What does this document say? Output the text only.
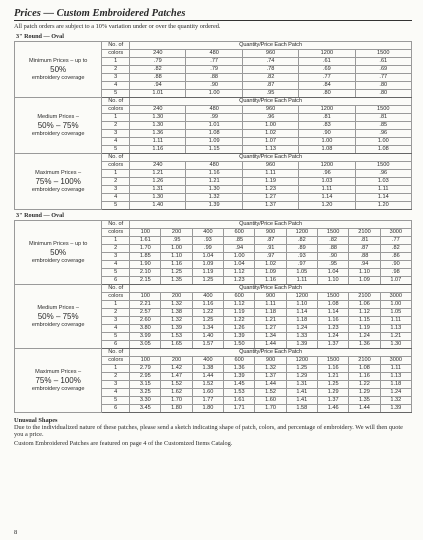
Prices — Custom Embroidered Patches
All patch orders are subject to a 10% variation under or over the quantity ordered.
3" Round — Oval
Minimum Prices – up to
50%
embroidery coverage	No. of	Quantity/Price Each Patch				
	colors	240	480	960	1200	1500
	1	.79	.77	.74	.61	.61
	2	.82	.79	.78	.69	.69
	3	.88	.88	.82	.77	.77
	4	.94	.90	.87	.84	.80
	5	1.01	1.00	.95	.80	.80

Medium Prices –
50% – 75%
embroidery coverage	No. of	Quantity/Price Each Patch				
	colors	240	480	960	1200	1500
	1	1.30	.99	.96	.81	.81
	2	1.30	1.01	1.00	.83	.85
	3	1.36	1.08	1.02	.90	.96
	4	1.11	1.09	1.07	1.00	1.00
	5	1.16	1.15	1.13	1.08	1.08

Maximum Prices –
75% – 100%
embroidery coverage	No. of	Quantity/Price Each Patch				
	colors	240	480	960	1200	1500
	1	1.21	1.16	1.11	.96	.96
	2	1.26	1.21	1.19	1.03	1.03
	3	1.31	1.30	1.23	1.11	1.11
	4	1.30	1.32	1.27	1.14	1.14
	5	1.40	1.39	1.37	1.20	1.20
3" Round — Oval
Minimum Prices – up to
50%
embroidery coverage	No. of	Quantity/Price Each Patch								
	colors	100	200	400	600	900	1200	1500	2100	3000
	1	1.61	.95	.93	.85	.87	.82	.82	.81	.77
	2	1.70	1.00	.99	.94	.91	.89	.88	.87	.82
	3	1.85	1.10	1.04	1.00	.97	.93	.90	.88	.86
	4	1.90	1.16	1.09	1.04	1.02	.97	.95	.94	.90
	5	2.10	1.25	1.19	1.12	1.09	1.05	1.04	1.10	.98
	6	2.15	1.35	1.25	1.23	1.16	1.11	1.10	1.09	1.07

Medium Prices –
50% – 75%
embroidery coverage	No. of	Quantity/Price Each Patch								
	colors	100	200	400	600	900	1200	1500	2100	3000
	1	2.21	1.32	1.16	1.12	1.11	1.10	1.08	1.06	1.00
	2	2.57	1.38	1.22	1.19	1.18	1.14	1.14	1.12	1.05
	3	2.60	1.32	1.25	1.22	1.21	1.18	1.16	1.15	1.11
	4	3.80	1.39	1.34	1.26	1.27	1.24	1.23	1.19	1.13
	5	3.99	1.53	1.40	1.39	1.34	1.33	1.24	1.24	1.21
	6	3.05	1.65	1.57	1.50	1.44	1.39	1.37	1.36	1.30

Maximum Prices –
75% – 100%
embroidery coverage	No. of	Quantity/Price Each Patch								
	colors	100	200	400	600	900	1200	1500	2100	3000
	1	2.79	1.42	1.38	1.36	1.32	1.25	1.16	1.08	1.11
	2	2.95	1.47	1.44	1.39	1.37	1.29	1.21	1.16	1.13
	3	3.15	1.52	1.52	1.45	1.44	1.31	1.25	1.22	1.18
	4	3.25	1.62	1.60	1.53	1.52	1.41	1.29	1.29	1.24
	5	3.30	1.70	1.77	1.61	1.60	1.41	1.37	1.35	1.32
	6	3.45	1.80	1.80	1.71	1.70	1.58	1.46	1.44	1.39
Unusual Shapes

Due to the individualized nature of these patches, please send a sketch indicating shape of patch, colors, and percentage of embroidery. We will then quote you a price.

Custom Embroidered Patches are featured on page 4 of the Customized Items Catalog.

8
